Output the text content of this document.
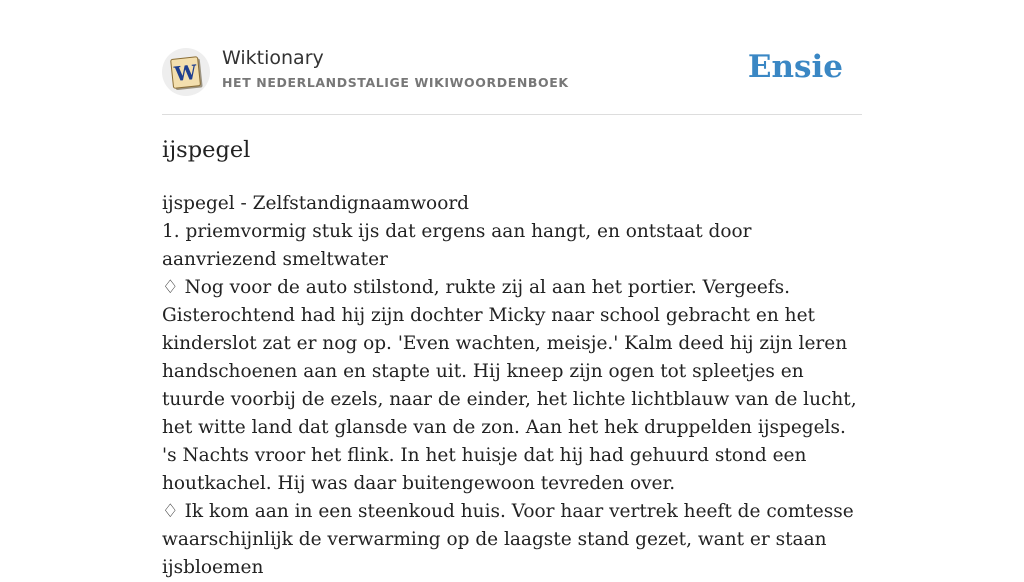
W
Wiktionary
HET NEDERLANDSTALIGE WIKIWOORDENBOEK	Ensie
ijspegel

ijspegel - Zelfstandignaamwoord

1. priemvormig stuk ijs dat ergens aan hangt, en ontstaat door aanvriezend smeltwater

♢ Nog voor de auto stilstond, rukte zij al aan het portier. Vergeefs. Gisterochtend had hij zijn dochter Micky naar school gebracht en het kinderslot zat er nog op. 'Even wachten, meisje.' Kalm deed hij zijn leren handschoenen aan en stapte uit. Hij kneep zijn ogen tot spleetjes en tuurde voorbij de ezels, naar de einder, het lichte lichtblauw van de lucht, het witte land dat glansde van de zon. Aan het hek druppelden ijspegels. 's Nachts vroor het flink. In het huisje dat hij had gehuurd stond een houtkachel. Hij was daar buitengewoon tevreden over.

♢ Ik kom aan in een steenkoud huis. Voor haar vertrek heeft de comtesse waarschijnlijk de verwarming op de laagste stand gezet, want er staan ijsbloemen
